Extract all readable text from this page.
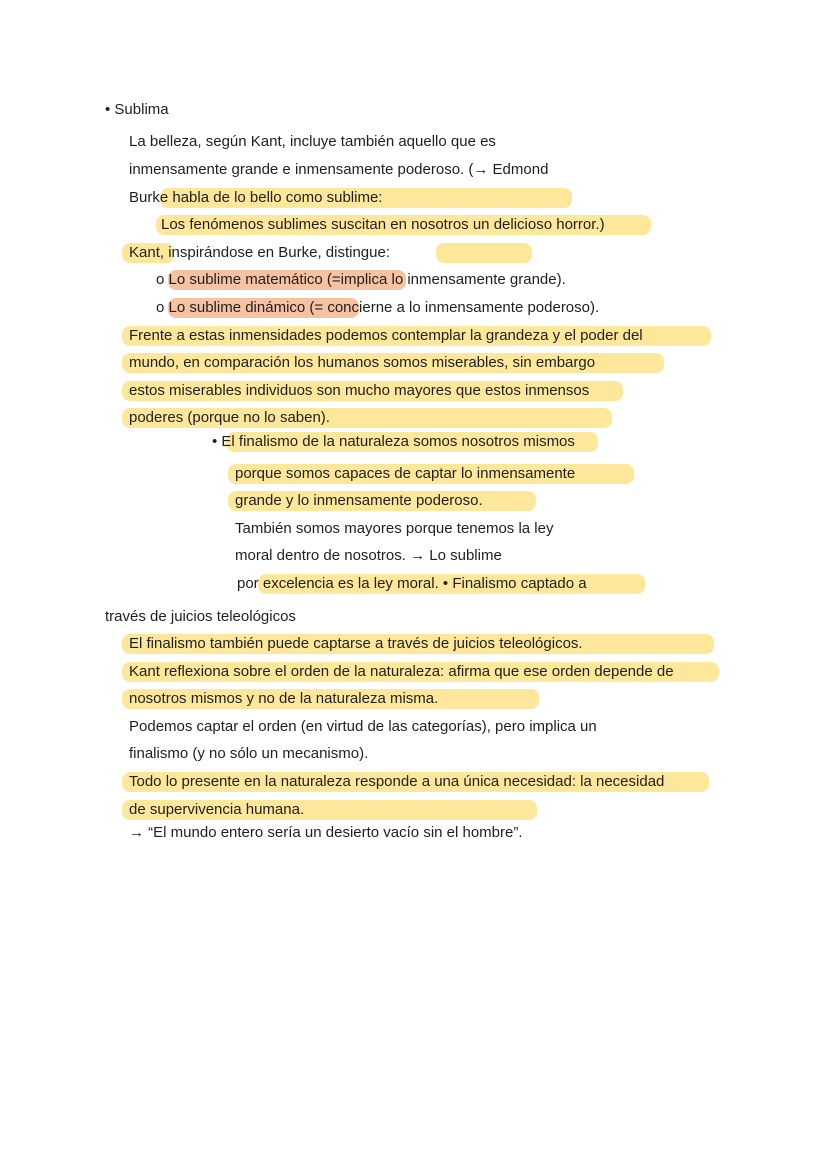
• Sublima
La belleza, según Kant, incluye también aquello que es
inmensamente grande e inmensamente poderoso. (→ Edmond
Burke habla de lo bello como sublime:
Los fenómenos sublimes suscitan en nosotros un delicioso horror.)
Kant, inspirándose en Burke, distingue:
o Lo sublime matemático (=implica lo inmensamente grande).
o Lo sublime dinámico (= concierne a lo inmensamente poderoso).
Frente a estas inmensidades podemos contemplar la grandeza y el poder del
mundo, en comparación los humanos somos miserables, sin embargo
estos miserables individuos son mucho mayores que estos inmensos
poderes (porque no lo saben).
• El finalismo de la naturaleza somos nosotros mismos
porque somos capaces de captar lo inmensamente
grande y lo inmensamente poderoso.
También somos mayores porque tenemos la ley
moral dentro de nosotros. → Lo sublime
por excelencia es la ley moral. • Finalismo captado a
través de juicios teleológicos
El finalismo también puede captarse a través de juicios teleológicos.
Kant reflexiona sobre el orden de la naturaleza: afirma que ese orden depende de
nosotros mismos y no de la naturaleza misma.
Podemos captar el orden (en virtud de las categorías), pero implica un
finalismo (y no sólo un mecanismo).
Todo lo presente en la naturaleza responde a una única necesidad: la necesidad
de supervivencia humana.
→ “El mundo entero sería un desierto vacío sin el hombre”.
